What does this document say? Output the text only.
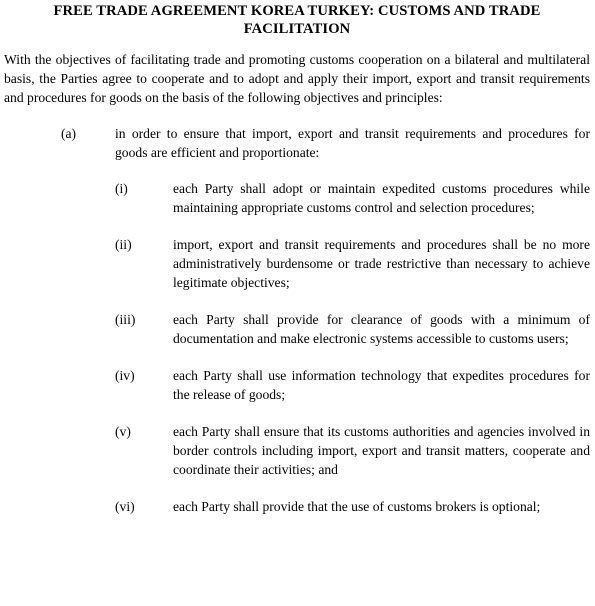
FREE TRADE AGREEMENT KOREA TURKEY: CUSTOMS AND TRADE FACILITATION
With the objectives of facilitating trade and promoting customs cooperation on a bilateral and multilateral basis, the Parties agree to cooperate and to adopt and apply their import, export and transit requirements and procedures for goods on the basis of the following objectives and principles:
(a)	in order to ensure that import, export and transit requirements and procedures for goods are efficient and proportionate:
(i)	each Party shall adopt or maintain expedited customs procedures while maintaining appropriate customs control and selection procedures;
(ii)	import, export and transit requirements and procedures shall be no more administratively burdensome or trade restrictive than necessary to achieve legitimate objectives;
(iii)	each Party shall provide for clearance of goods with a minimum of documentation and make electronic systems accessible to customs users;
(iv)	each Party shall use information technology that expedites procedures for the release of goods;
(v)	each Party shall ensure that its customs authorities and agencies involved in border controls including import, export and transit matters, cooperate and coordinate their activities; and
(vi)	each Party shall provide that the use of customs brokers is optional;
